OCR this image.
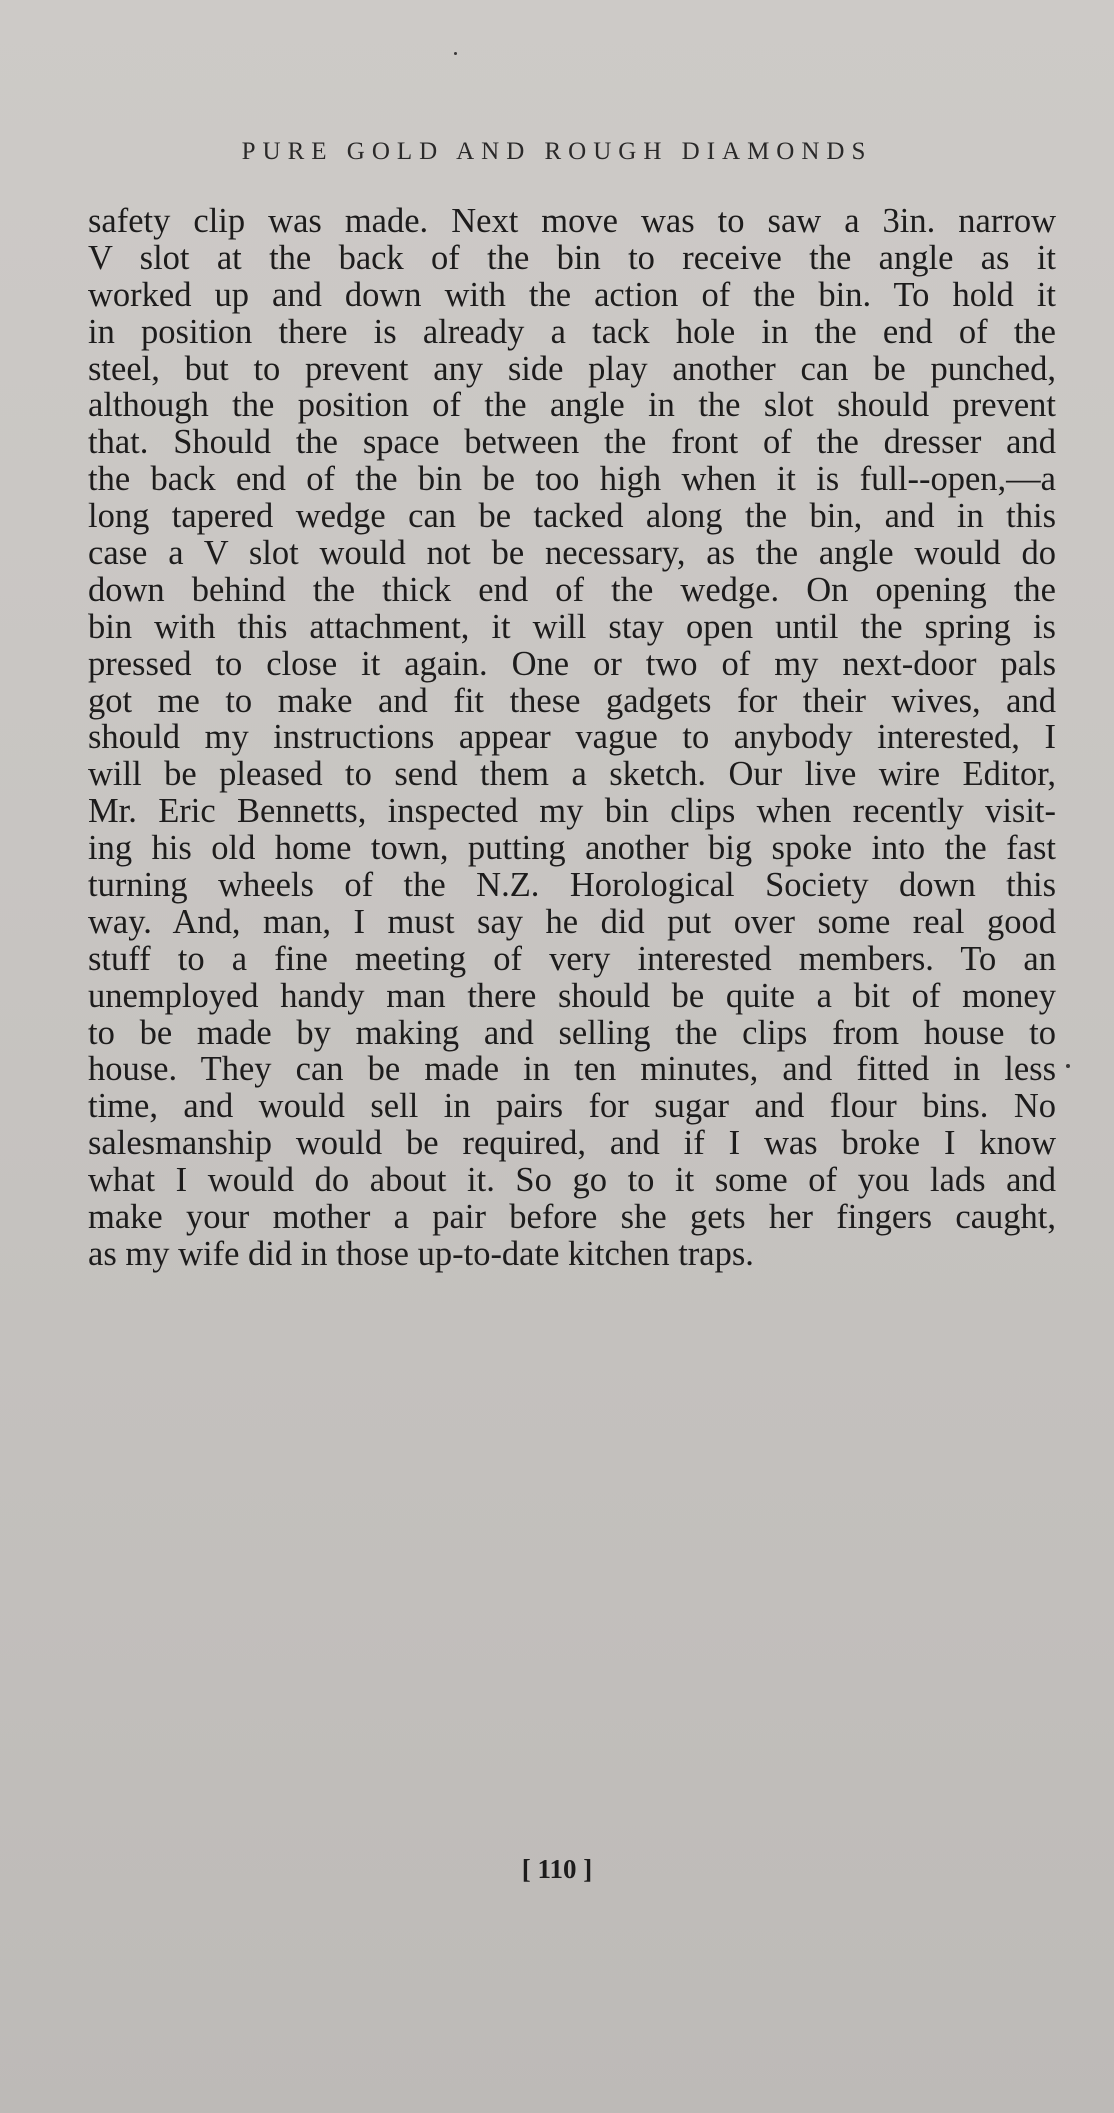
PURE GOLD AND ROUGH DIAMONDS
safety clip was made. Next move was to saw a 3in. narrow
V slot at the back of the bin to receive the angle as it
worked up and down with the action of the bin. To hold it
in position there is already a tack hole in the end of the
steel, but to prevent any side play another can be punched,
although the position of the angle in the slot should prevent
that. Should the space between the front of the dresser and
the back end of the bin be too high when it is full--open,—a
long tapered wedge can be tacked along the bin, and in this
case a V slot would not be necessary, as the angle would do
down behind the thick end of the wedge. On opening the
bin with this attachment, it will stay open until the spring is
pressed to close it again. One or two of my next-door pals
got me to make and fit these gadgets for their wives, and
should my instructions appear vague to anybody interested, I
will be pleased to send them a sketch. Our live wire Editor,
Mr. Eric Bennetts, inspected my bin clips when recently visit-
ing his old home town, putting another big spoke into the fast
turning wheels of the N.Z. Horological Society down this
way. And, man, I must say he did put over some real good
stuff to a fine meeting of very interested members. To an
unemployed handy man there should be quite a bit of money
to be made by making and selling the clips from house to
house. They can be made in ten minutes, and fitted in less
time, and would sell in pairs for sugar and flour bins. No
salesmanship would be required, and if I was broke I know
what I would do about it. So go to it some of you lads and
make your mother a pair before she gets her fingers caught,
as my wife did in those up-to-date kitchen traps.
[ 110 ]
